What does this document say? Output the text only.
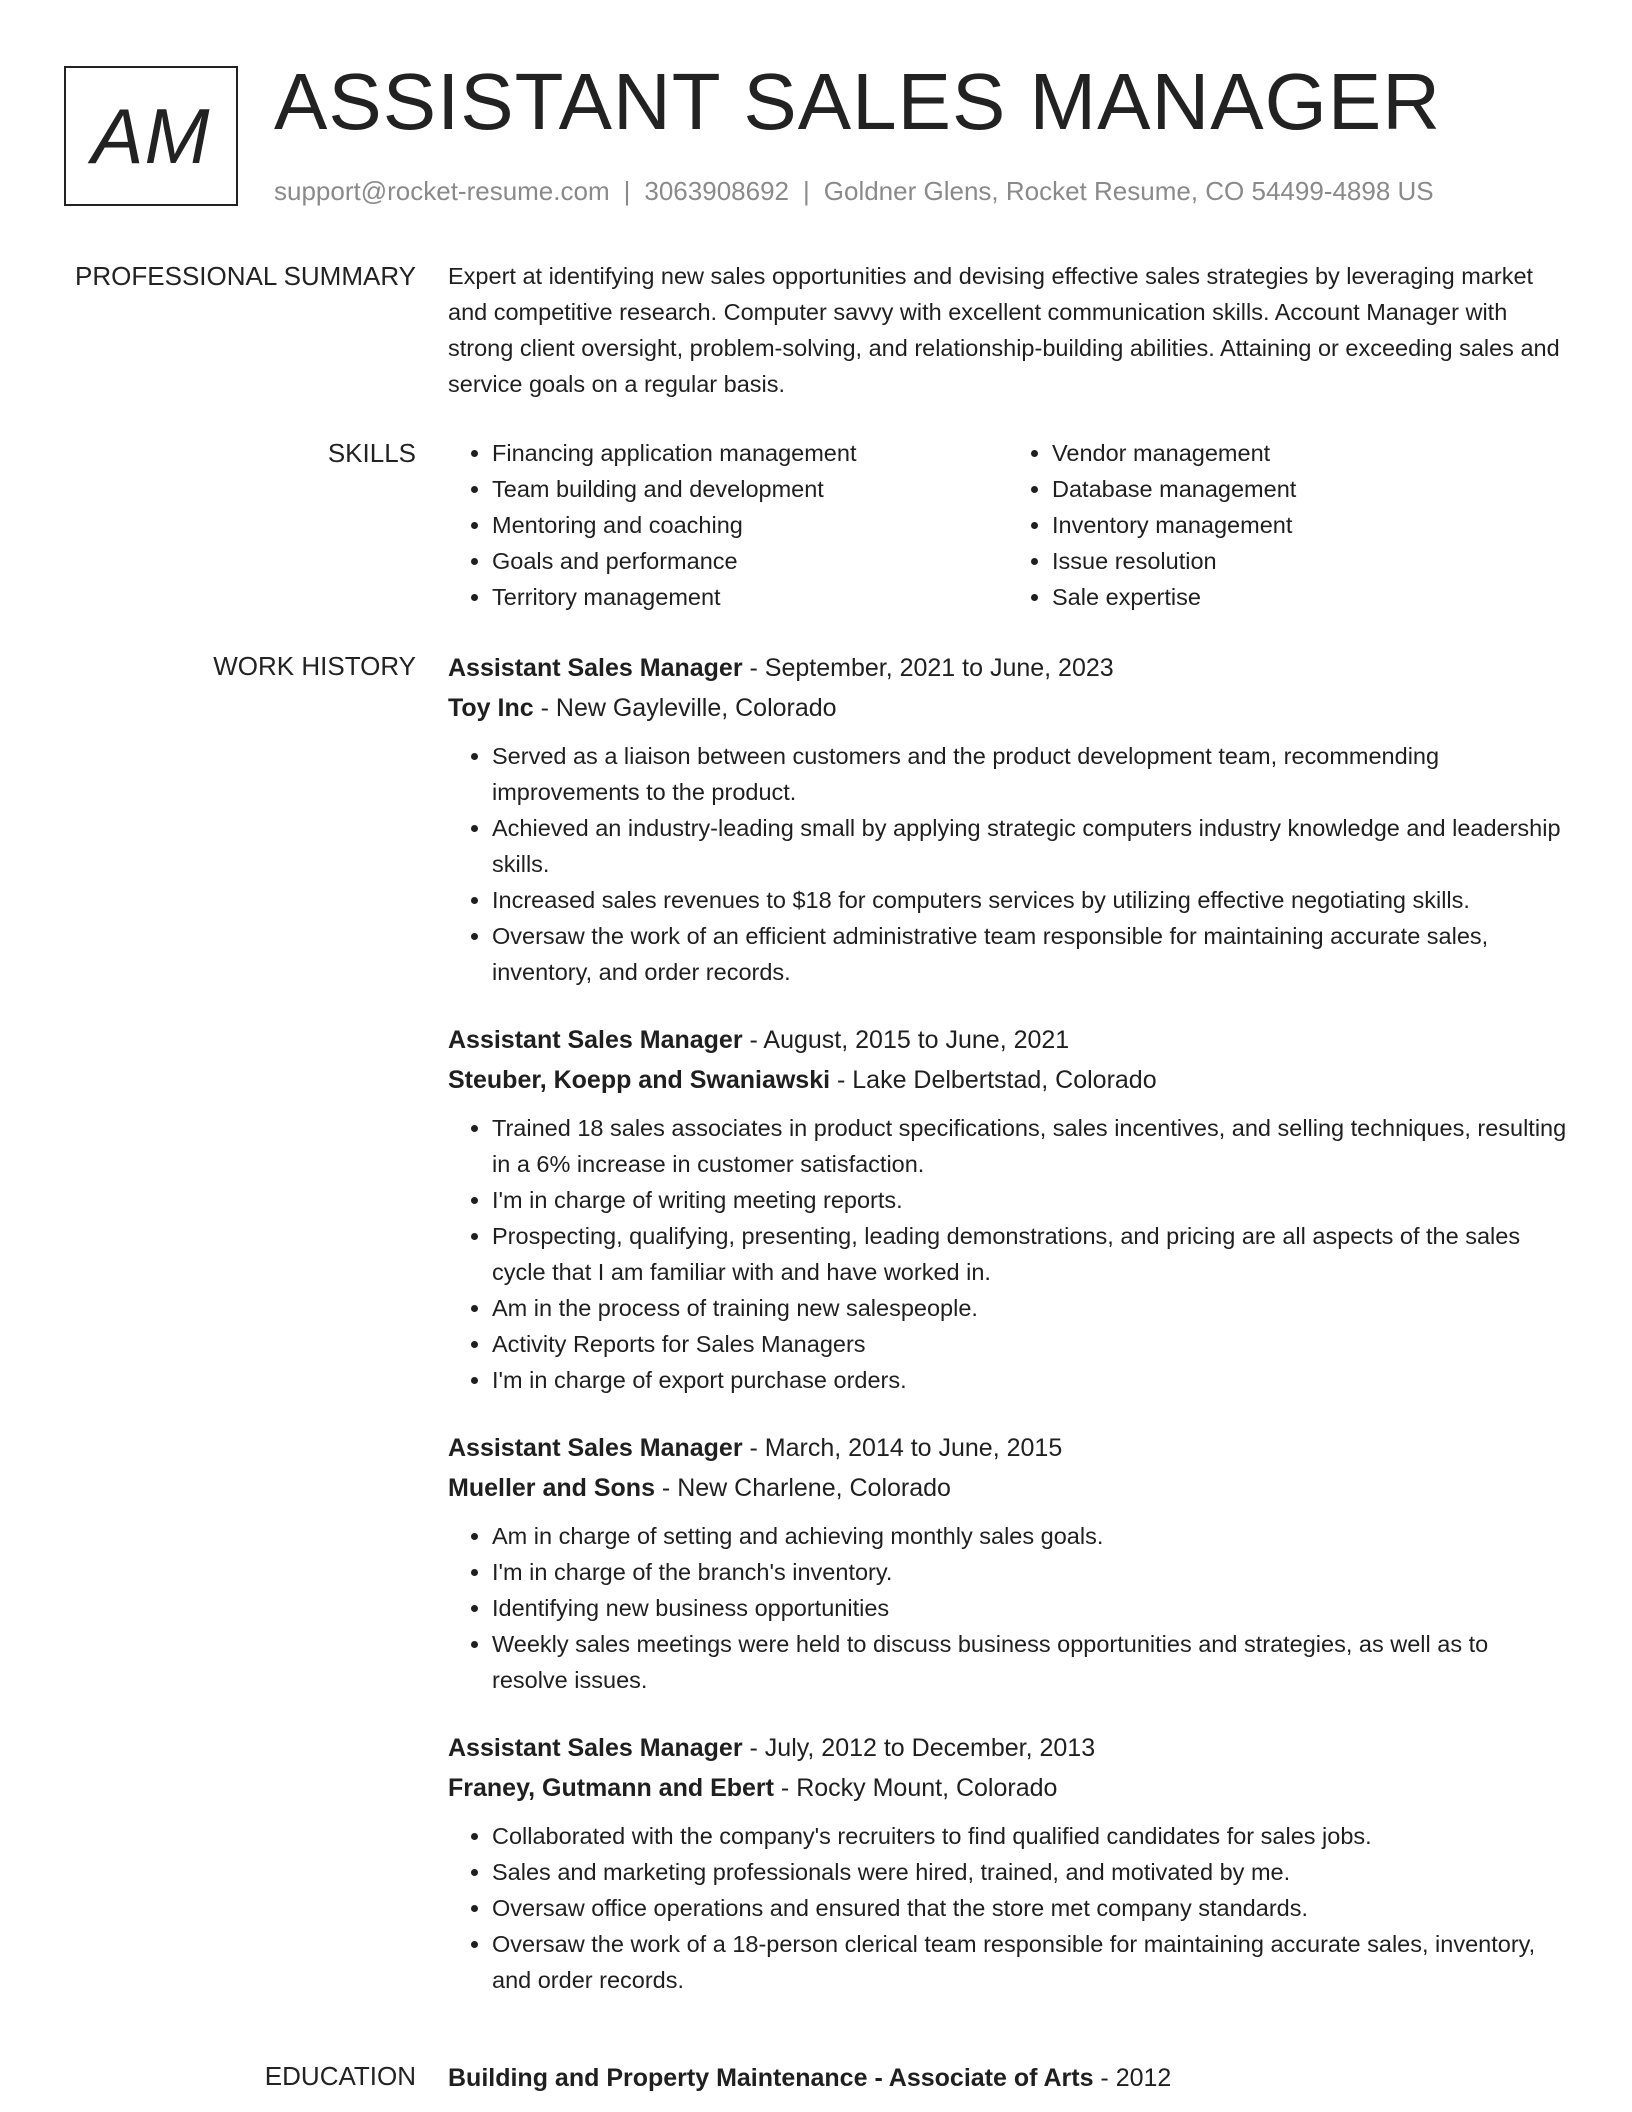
AM ASSISTANT SALES MANAGER
support@rocket-resume.com | 3063908692 | Goldner Glens, Rocket Resume, CO 54499-4898 US
PROFESSIONAL SUMMARY Expert at identifying new sales opportunities and devising effective sales strategies by leveraging market and competitive research. Computer savvy with excellent communication skills. Account Manager with strong client oversight, problem-solving, and relationship-building abilities. Attaining or exceeding sales and service goals on a regular basis.

SKILLS
•	Financing application management
• Team building and development
• Mentoring and coaching
• Goals and performance
• Territory management
• Vendor management
• Database management
• Inventory management
• Issue resolution
• Sale expertise
WORK HISTORY Assistant Sales Manager - September, 2021 to June, 2023
Toy Inc - New Gayleville, Colorado
• Served as a liaison between customers and the product development team, recommending improvements to the product.
• Achieved an industry-leading small by applying strategic computers industry knowledge and leadership skills.
• Increased sales revenues to $18 for computers services by utilizing effective negotiating skills.
• Oversaw the work of an efficient administrative team responsible for maintaining accurate sales, inventory, and order records.
Assistant Sales Manager - August, 2015 to June, 2021
Steuber, Koepp and Swaniawski - Lake Delbertstad, Colorado
• Trained 18 sales associates in product specifications, sales incentives, and selling techniques, resulting in a 6% increase in customer satisfaction.
• I'm in charge of writing meeting reports.
• Prospecting, qualifying, presenting, leading demonstrations, and pricing are all aspects of the sales cycle that I am familiar with and have worked in.
• Am in the process of training new salespeople.
• Activity Reports for Sales Managers
• I'm in charge of export purchase orders.
Assistant Sales Manager - March, 2014 to June, 2015
Mueller and Sons - New Charlene, Colorado
• Am in charge of setting and achieving monthly sales goals.
• I'm in charge of the branch's inventory.
• Identifying new business opportunities
• Weekly sales meetings were held to discuss business opportunities and strategies, as well as to resolve issues.
Assistant Sales Manager - July, 2012 to December, 2013
Franey, Gutmann and Ebert - Rocky Mount, Colorado
• Collaborated with the company's recruiters to find qualified candidates for sales jobs.
• Sales and marketing professionals were hired, trained, and motivated by me.
• Oversaw office operations and ensured that the store met company standards.
• Oversaw the work of a 18-person clerical team responsible for maintaining accurate sales, inventory, and order records.
EDUCATION Building and Property Maintenance - Associate of Arts - 2012
